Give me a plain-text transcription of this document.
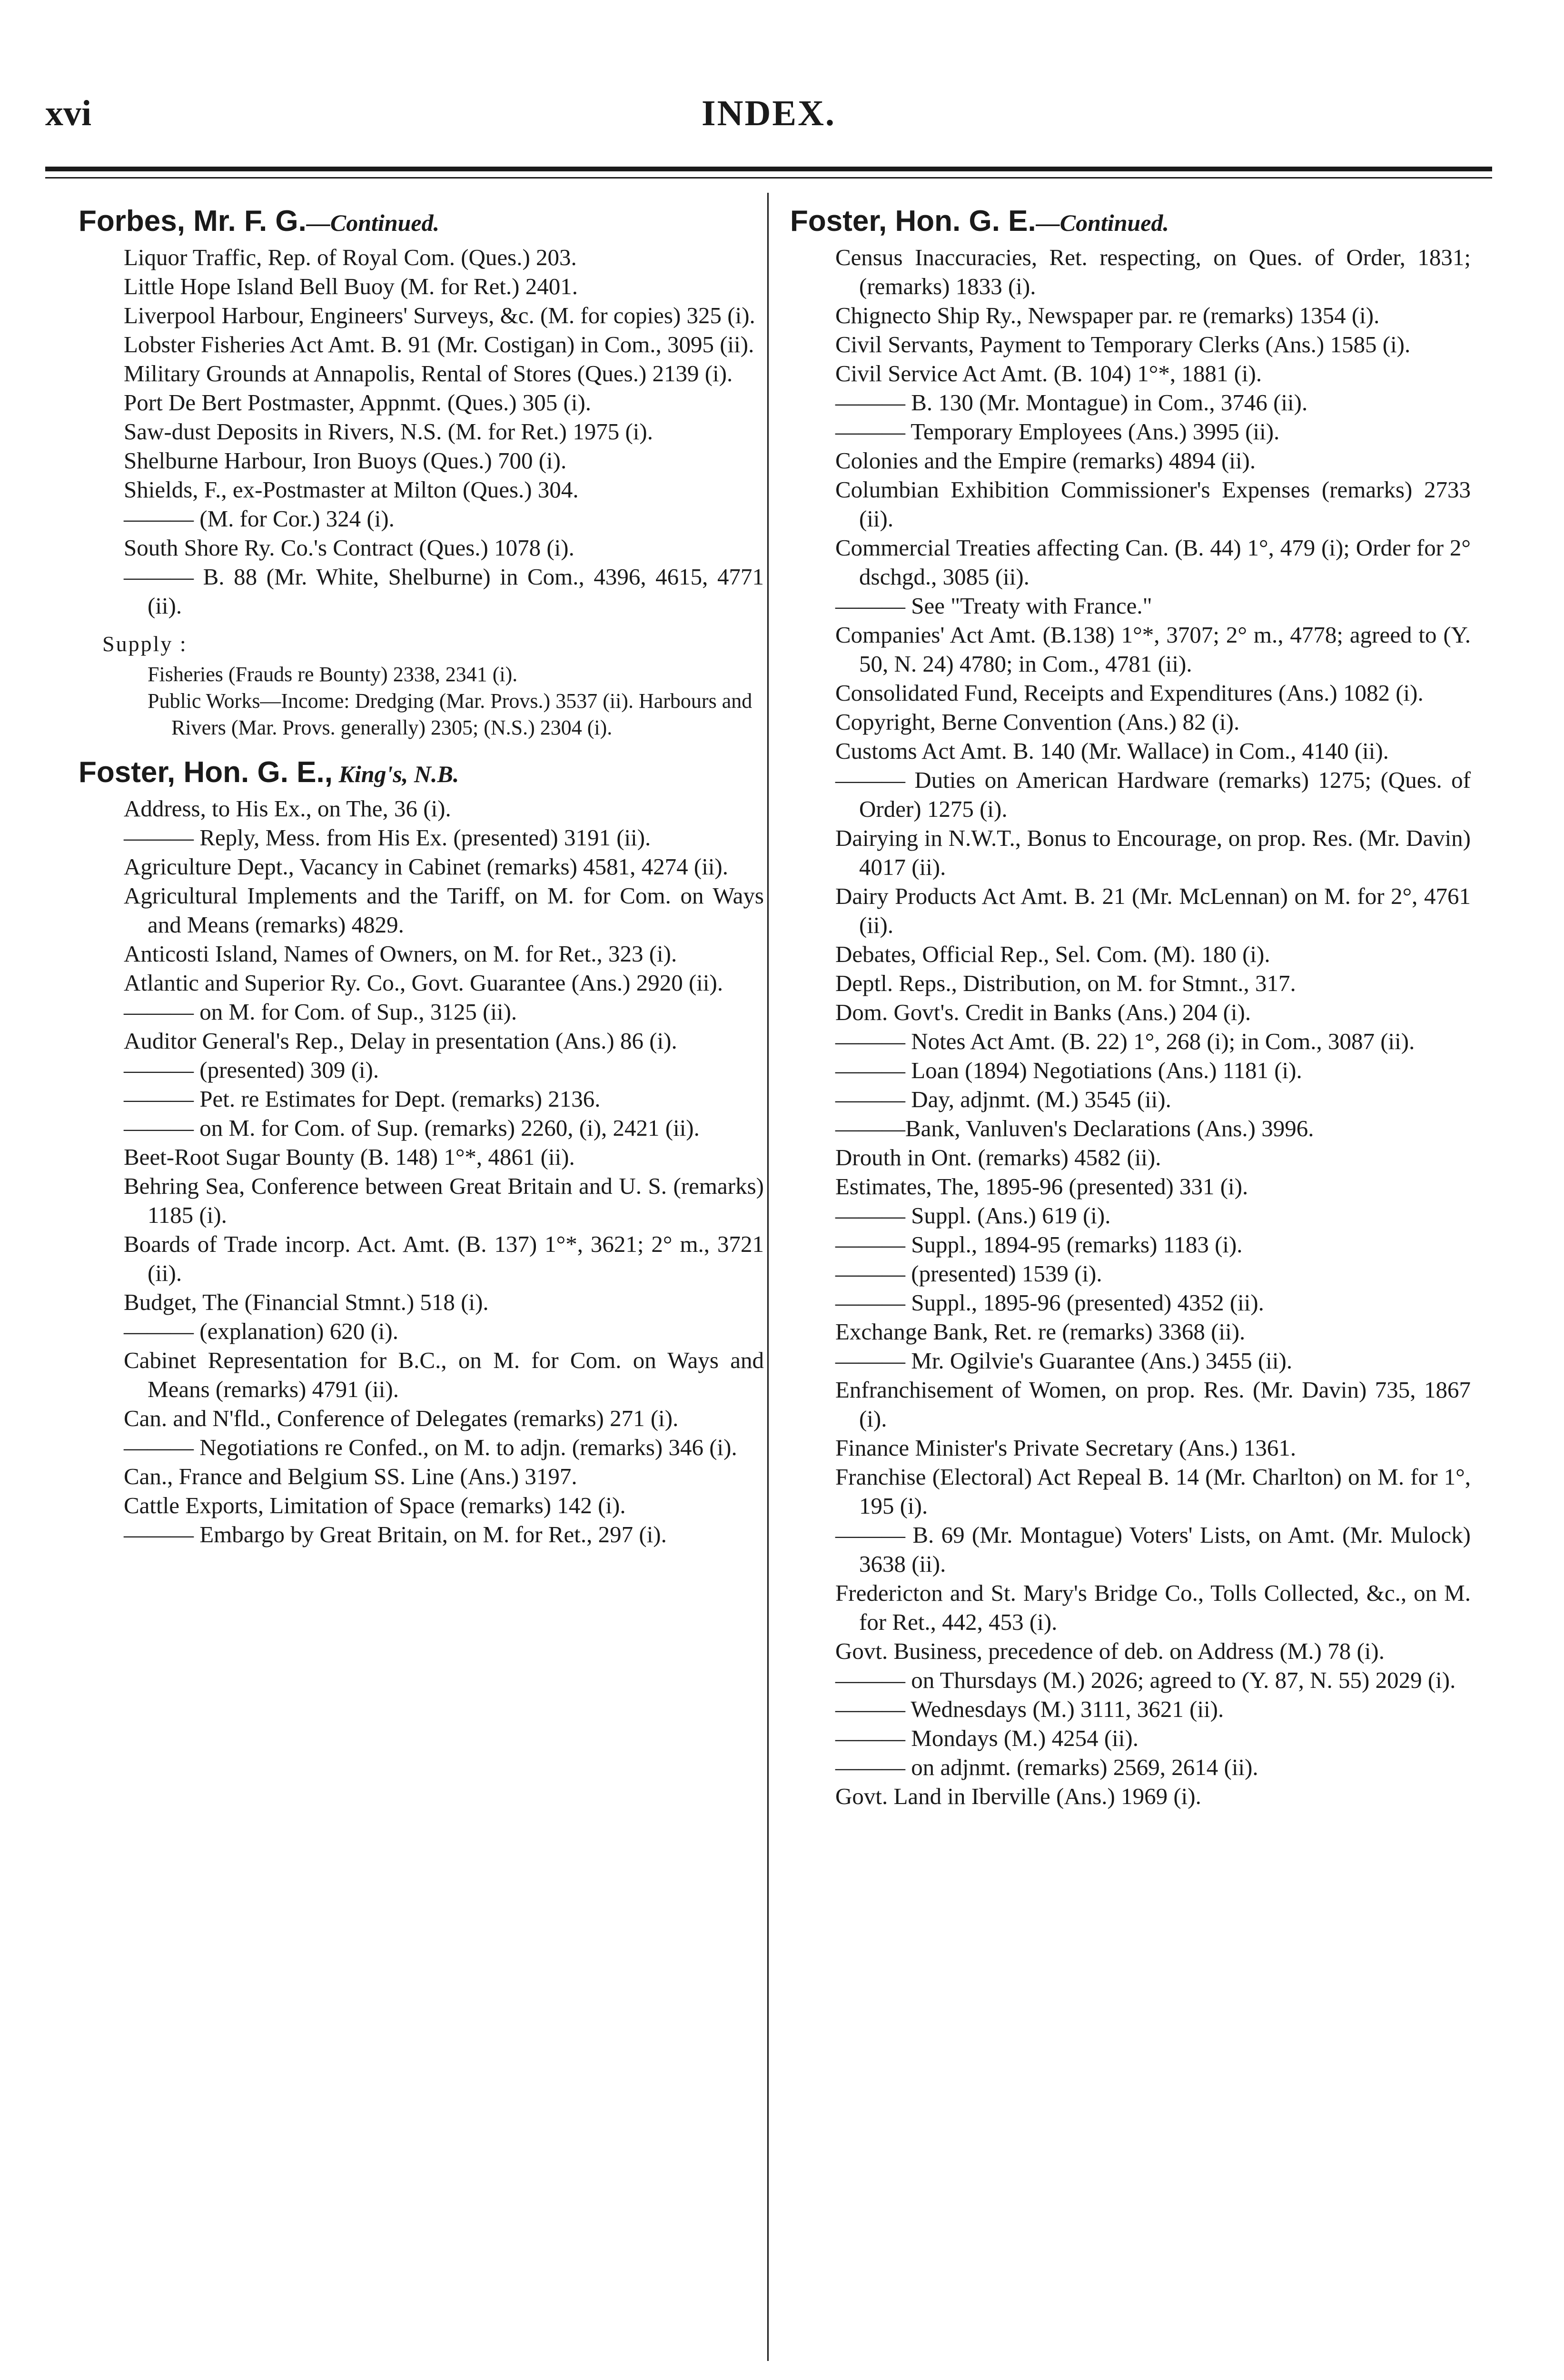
xvi	INDEX.
Forbes, Mr. F. G.—Continued.
Liquor Traffic, Rep. of Royal Com. (Ques.) 203.
Little Hope Island Bell Buoy (M. for Ret.) 2401.
Liverpool Harbour, Engineers' Surveys, &c. (M. for copies) 325 (i).
Lobster Fisheries Act Amt. B. 91 (Mr. Costigan) in Com., 3095 (ii).
Military Grounds at Annapolis, Rental of Stores (Ques.) 2139 (i).
Port De Bert Postmaster, Appnmt. (Ques.) 305 (i).
Saw-dust Deposits in Rivers, N.S. (M. for Ret.) 1975 (i).
Shelburne Harbour, Iron Buoys (Ques.) 700 (i).
Shields, F., ex-Postmaster at Milton (Ques.) 304.
——— (M. for Cor.) 324 (i).
South Shore Ry. Co.'s Contract (Ques.) 1078 (i).
——— B. 88 (Mr. White, Shelburne) in Com., 4396, 4615, 4771 (ii).
Supply :
Fisheries (Frauds re Bounty) 2338, 2341 (i).
Public Works—Income: Dredging (Mar. Provs.) 3537 (ii). Harbours and Rivers (Mar. Provs. generally) 2305; (N.S.) 2304 (i).
Foster, Hon. G. E., King's, N.B.
Address, to His Ex., on The, 36 (i).
——— Reply, Mess. from His Ex. (presented) 3191 (ii).
Agriculture Dept., Vacancy in Cabinet (remarks) 4581, 4274 (ii).
Agricultural Implements and the Tariff, on M. for Com. on Ways and Means (remarks) 4829.
Anticosti Island, Names of Owners, on M. for Ret., 323 (i).
Atlantic and Superior Ry. Co., Govt. Guarantee (Ans.) 2920 (ii).
——— on M. for Com. of Sup., 3125 (ii).
Auditor General's Rep., Delay in presentation (Ans.) 86 (i).
——— (presented) 309 (i).
——— Pet. re Estimates for Dept. (remarks) 2136.
——— on M. for Com. of Sup. (remarks) 2260, (i), 2421 (ii).
Beet-Root Sugar Bounty (B. 148) 1°*, 4861 (ii).
Behring Sea, Conference between Great Britain and U. S. (remarks) 1185 (i).
Boards of Trade incorp. Act. Amt. (B. 137) 1°*, 3621; 2° m., 3721 (ii).
Budget, The (Financial Stmnt.) 518 (i).
——— (explanation) 620 (i).
Cabinet Representation for B.C., on M. for Com. on Ways and Means (remarks) 4791 (ii).
Can. and N'fld., Conference of Delegates (remarks) 271 (i).
——— Negotiations re Confed., on M. to adjn. (remarks) 346 (i).
Can., France and Belgium SS. Line (Ans.) 3197.
Cattle Exports, Limitation of Space (remarks) 142 (i).
——— Embargo by Great Britain, on M. for Ret., 297 (i).
Foster, Hon. G. E.—Continued.
Census Inaccuracies, Ret. respecting, on Ques. of Order, 1831; (remarks) 1833 (i).
Chignecto Ship Ry., Newspaper par. re (remarks) 1354 (i).
Civil Servants, Payment to Temporary Clerks (Ans.) 1585 (i).
Civil Service Act Amt. (B. 104) 1°*, 1881 (i).
——— B. 130 (Mr. Montague) in Com., 3746 (ii).
——— Temporary Employees (Ans.) 3995 (ii).
Colonies and the Empire (remarks) 4894 (ii).
Columbian Exhibition Commissioner's Expenses (remarks) 2733 (ii).
Commercial Treaties affecting Can. (B. 44) 1°, 479 (i); Order for 2° dschgd., 3085 (ii).
——— See "Treaty with France."
Companies' Act Amt. (B.138) 1°*, 3707; 2° m., 4778; agreed to (Y. 50, N. 24) 4780; in Com., 4781 (ii).
Consolidated Fund, Receipts and Expenditures (Ans.) 1082 (i).
Copyright, Berne Convention (Ans.) 82 (i).
Customs Act Amt. B. 140 (Mr. Wallace) in Com., 4140 (ii).
——— Duties on American Hardware (remarks) 1275; (Ques. of Order) 1275 (i).
Dairying in N.W.T., Bonus to Encourage, on prop. Res. (Mr. Davin) 4017 (ii).
Dairy Products Act Amt. B. 21 (Mr. McLennan) on M. for 2°, 4761 (ii).
Debates, Official Rep., Sel. Com. (M). 180 (i).
Deptl. Reps., Distribution, on M. for Stmnt., 317.
Dom. Govt's. Credit in Banks (Ans.) 204 (i).
——— Notes Act Amt. (B. 22) 1°, 268 (i); in Com., 3087 (ii).
——— Loan (1894) Negotiations (Ans.) 1181 (i).
——— Day, adjnmt. (M.) 3545 (ii).
———Bank, Vanluven's Declarations (Ans.) 3996.
Drouth in Ont. (remarks) 4582 (ii).
Estimates, The, 1895-96 (presented) 331 (i).
——— Suppl. (Ans.) 619 (i).
——— Suppl., 1894-95 (remarks) 1183 (i).
——— (presented) 1539 (i).
——— Suppl., 1895-96 (presented) 4352 (ii).
Exchange Bank, Ret. re (remarks) 3368 (ii).
——— Mr. Ogilvie's Guarantee (Ans.) 3455 (ii).
Enfranchisement of Women, on prop. Res. (Mr. Davin) 735, 1867 (i).
Finance Minister's Private Secretary (Ans.) 1361.
Franchise (Electoral) Act Repeal B. 14 (Mr. Charlton) on M. for 1°, 195 (i).
——— B. 69 (Mr. Montague) Voters' Lists, on Amt. (Mr. Mulock) 3638 (ii).
Fredericton and St. Mary's Bridge Co., Tolls Collected, &c., on M. for Ret., 442, 453 (i).
Govt. Business, precedence of deb. on Address (M.) 78 (i).
——— on Thursdays (M.) 2026; agreed to (Y. 87, N. 55) 2029 (i).
——— Wednesdays (M.) 3111, 3621 (ii).
——— Mondays (M.) 4254 (ii).
——— on adjnmt. (remarks) 2569, 2614 (ii).
Govt. Land in Iberville (Ans.) 1969 (i).
